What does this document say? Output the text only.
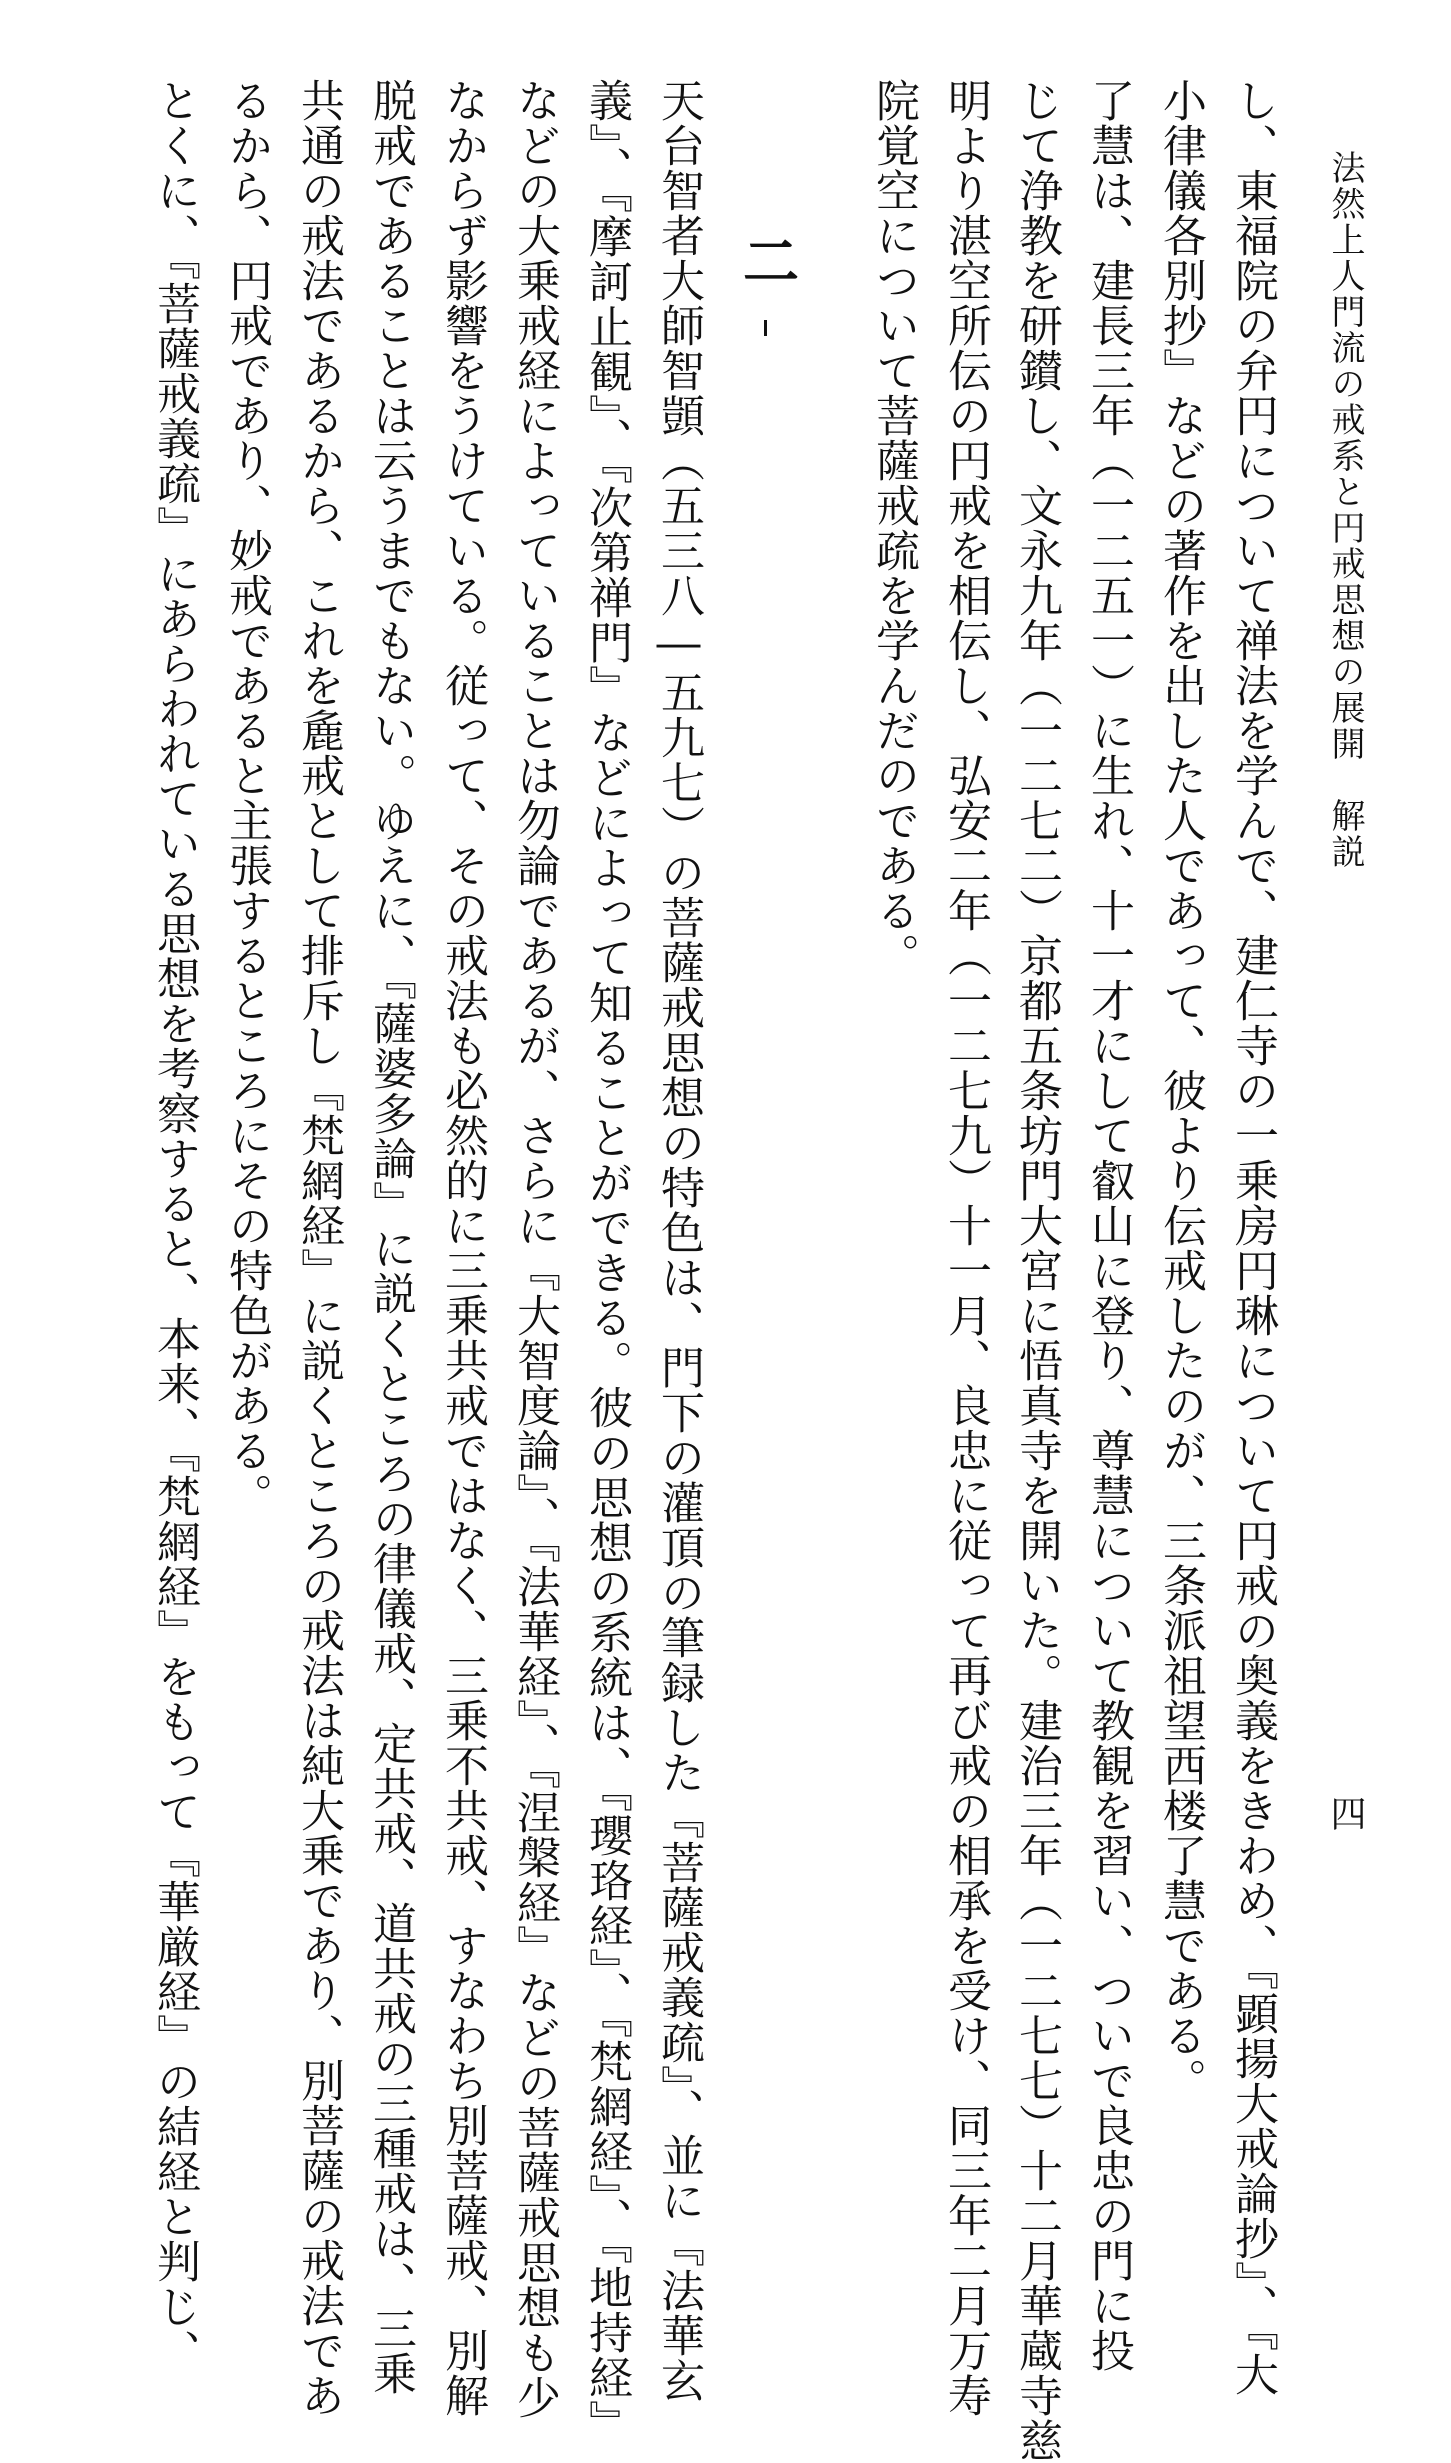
法然上人門流の戒系と円戒思想の展開　解説
四
し、東福院の弁円について禅法を学んで、建仁寺の一乗房円琳について円戒の奥義をきわめ、『顕揚大戒論抄』、『大
小律儀各別抄』などの著作を出した人であって、彼より伝戒したのが、三条派祖望西楼了慧である。
了慧は、建長三年（一二五一）に生れ、十一才にして叡山に登り、尊慧について教観を習い、ついで良忠の門に投
じて浄教を研鑚し、文永九年（一二七二）京都五条坊門大宮に悟真寺を開いた。建治三年（一二七七）十二月華蔵寺慈
明より湛空所伝の円戒を相伝し、弘安二年（一二七九）十一月、良忠に従って再び戒の相承を受け、同三年二月万寿
院覚空について菩薩戒疏を学んだのである。
二
天台智者大師智顗（五三八―五九七）の菩薩戒思想の特色は、門下の灌頂の筆録した『菩薩戒義疏』、並に『法華玄
義』、『摩訶止観』、『次第禅門』などによって知ることができる。彼の思想の系統は、『瓔珞経』、『梵網経』、『地持経』
などの大乗戒経によっていることは勿論であるが、さらに『大智度論』、『法華経』、『涅槃経』などの菩薩戒思想も少
なからず影響をうけている。従って、その戒法も必然的に三乗共戒ではなく、三乗不共戒、すなわち別菩薩戒、別解
脱戒であることは云うまでもない。ゆえに、『薩婆多論』に説くところの律儀戒、定共戒、道共戒の三種戒は、三乗
共通の戒法であるから、これを麁戒として排斥し『梵網経』に説くところの戒法は純大乗であり、別菩薩の戒法であ
るから、円戒であり、妙戒であると主張するところにその特色がある。
とくに、『菩薩戒義疏』にあらわれている思想を考察すると、本来、『梵網経』をもって『華厳経』の結経と判じ、
